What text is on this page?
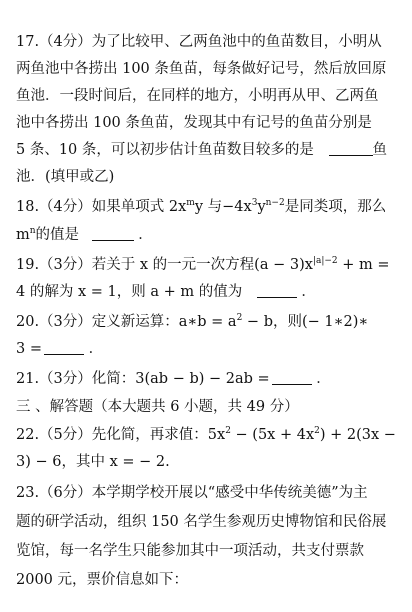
17.（4分）为了比较甲、乙两鱼池中的鱼苗数目，小明从
两鱼池中各捞出 100 条鱼苗，每条做好记号，然后放回原
鱼池．一段时间后，在同样的地方，小明再从甲、乙两鱼
池中各捞出 100 条鱼苗，发现其中有记号的鱼苗分别是
5 条、10 条，可以初步估计鱼苗数目较多的是	鱼
池．(填甲或乙)
18.（4分）如果单项式 $2x^my$ 与$-4x^3y^{n-2}$是同类项，那么
$m^n$的值是	．
19.（3分）若关于 x 的一元一次方程$(a - 3)x^{|a|-2} + m$ =
4 的解为 x = 1，则 a + m 的值为	．
20.（3分）定义新运算：a∗b = $a^2 - b$，则(− 1∗2)∗
3 =	．
21.（3分）化简：3(ab − b) − 2ab =	．
三 、解答题（本大题共 6 小题，共 49 分）
22.（5分）先化简，再求值：$5x^2 - (5x + 4x^2) + 2(3x$ −
3) − 6，其中 x = − 2.
23.（6分）本学期学校开展以“感受中华传统美德”为主
题的研学活动，组织 150 名学生参观历史博物馆和民俗展
览馆，每一名学生只能参加其中一项活动，共支付票款
2000 元，票价信息如下：
